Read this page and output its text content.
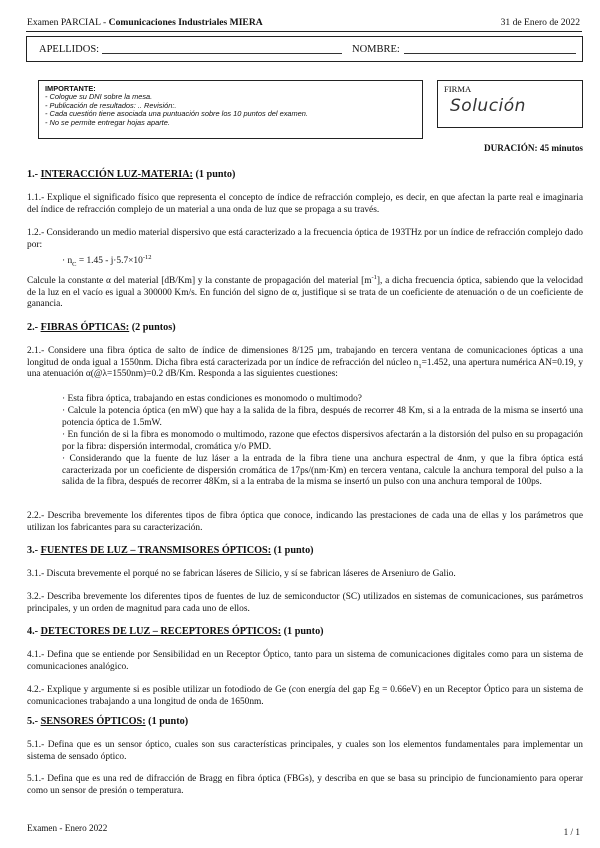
Examen PARCIAL - Comunicaciones Industriales MIERA	31 de Enero de 2022
APELLIDOS:	NOMBRE:
IMPORTANTE:
- Cologue su DNI sobre la mesa.
- Publicación de resultados: .. Revisión:.
- Cada cuestión tiene asociada una puntuación sobre los 10 puntos del examen.
- No se permite entregar hojas aparte.
FIRMA
Solución
DURACIÓN: 45 minutos
1.- INTERACCIÓN LUZ-MATERIA: (1 punto)
1.1.- Explique el significado físico que representa el concepto de índice de refracción complejo, es decir, en que afectan la parte real e imaginaria del índice de refracción complejo de un material a una onda de luz que se propaga a su través.
1.2.- Considerando un medio material dispersivo que está caracterizado a la frecuencia óptica de 193THz por un índice de refracción complejo dado por:
· $n_C = 1.45 - j\cdot 5.7\times 10^{-12}$
Calcule la constante α del material [dB/Km] y la constante de propagación del material $[m^{-1}]$, a dicha frecuencia óptica, sabiendo que la velocidad de la luz en el vacío es igual a 300000 Km/s. En función del signo de α, justifique si se trata de un coeficiente de atenuación o de un coeficiente de ganancia.
2.- FIBRAS ÓPTICAS: (2 puntos)
2.1.- Considere una fibra óptica de salto de índice de dimensiones 8/125 µm, trabajando en tercera ventana de comunicaciones ópticas a una longitud de onda igual a 1550nm. Dicha fibra está caracterizada por un índice de refracción del núcleo $n_1=1.452$, una apertura numérica AN=0.19, y una atenuación α(@λ=1550nm)=0.2 dB/Km. Responda a las siguientes cuestiones:
· Esta fibra óptica, trabajando en estas condiciones es monomodo o multimodo?
· Calcule la potencia óptica (en mW) que hay a la salida de la fibra, después de recorrer 48 Km, si a la entrada de la misma se insertó una potencia óptica de 1.5mW.
· En función de si la fibra es monomodo o multimodo, razone que efectos dispersivos afectarán a la distorsión del pulso en su propagación por la fibra: dispersión intermodal, cromática y/o PMD.
· Considerando que la fuente de luz láser a la entrada de la fibra tiene una anchura espectral de 4nm, y que la fibra óptica está caracterizada por un coeficiente de dispersión cromática de 17ps/(nm·Km) en tercera ventana, calcule la anchura temporal del pulso a la salida de la fibra, después de recorrer 48Km, si a la entraba de la misma se insertó un pulso con una anchura temporal de 100ps.
2.2.- Describa brevemente los diferentes tipos de fibra óptica que conoce, indicando las prestaciones de cada una de ellas y los parámetros que utilizan los fabricantes para su caracterización.
3.- FUENTES DE LUZ – TRANSMISORES ÓPTICOS: (1 punto)
3.1.- Discuta brevemente el porqué no se fabrican láseres de Silicio, y sí se fabrican láseres de Arseniuro de Galio.
3.2.- Describa brevemente los diferentes tipos de fuentes de luz de semiconductor (SC) utilizados en sistemas de comunicaciones, sus parámetros principales, y un orden de magnitud para cada uno de ellos.
4.- DETECTORES DE LUZ – RECEPTORES ÓPTICOS: (1 punto)
4.1.- Defina que se entiende por Sensibilidad en un Receptor Óptico, tanto para un sistema de comunicaciones digitales como para un sistema de comunicaciones analógico.
4.2.- Explique y argumente si es posible utilizar un fotodiodo de Ge (con energía del gap Eg = 0.66eV) en un Receptor Óptico para un sistema de comunicaciones trabajando a una longitud de onda de 1650nm.
5.- SENSORES ÓPTICOS: (1 punto)
5.1.- Defina que es un sensor óptico, cuales son sus características principales, y cuales son los elementos fundamentales para implementar un sistema de sensado óptico.
5.1.- Defina que es una red de difracción de Bragg en fibra óptica (FBGs), y describa en que se basa su principio de funcionamiento para operar como un sensor de presión o temperatura.
Examen - Enero 2022	1 / 1
